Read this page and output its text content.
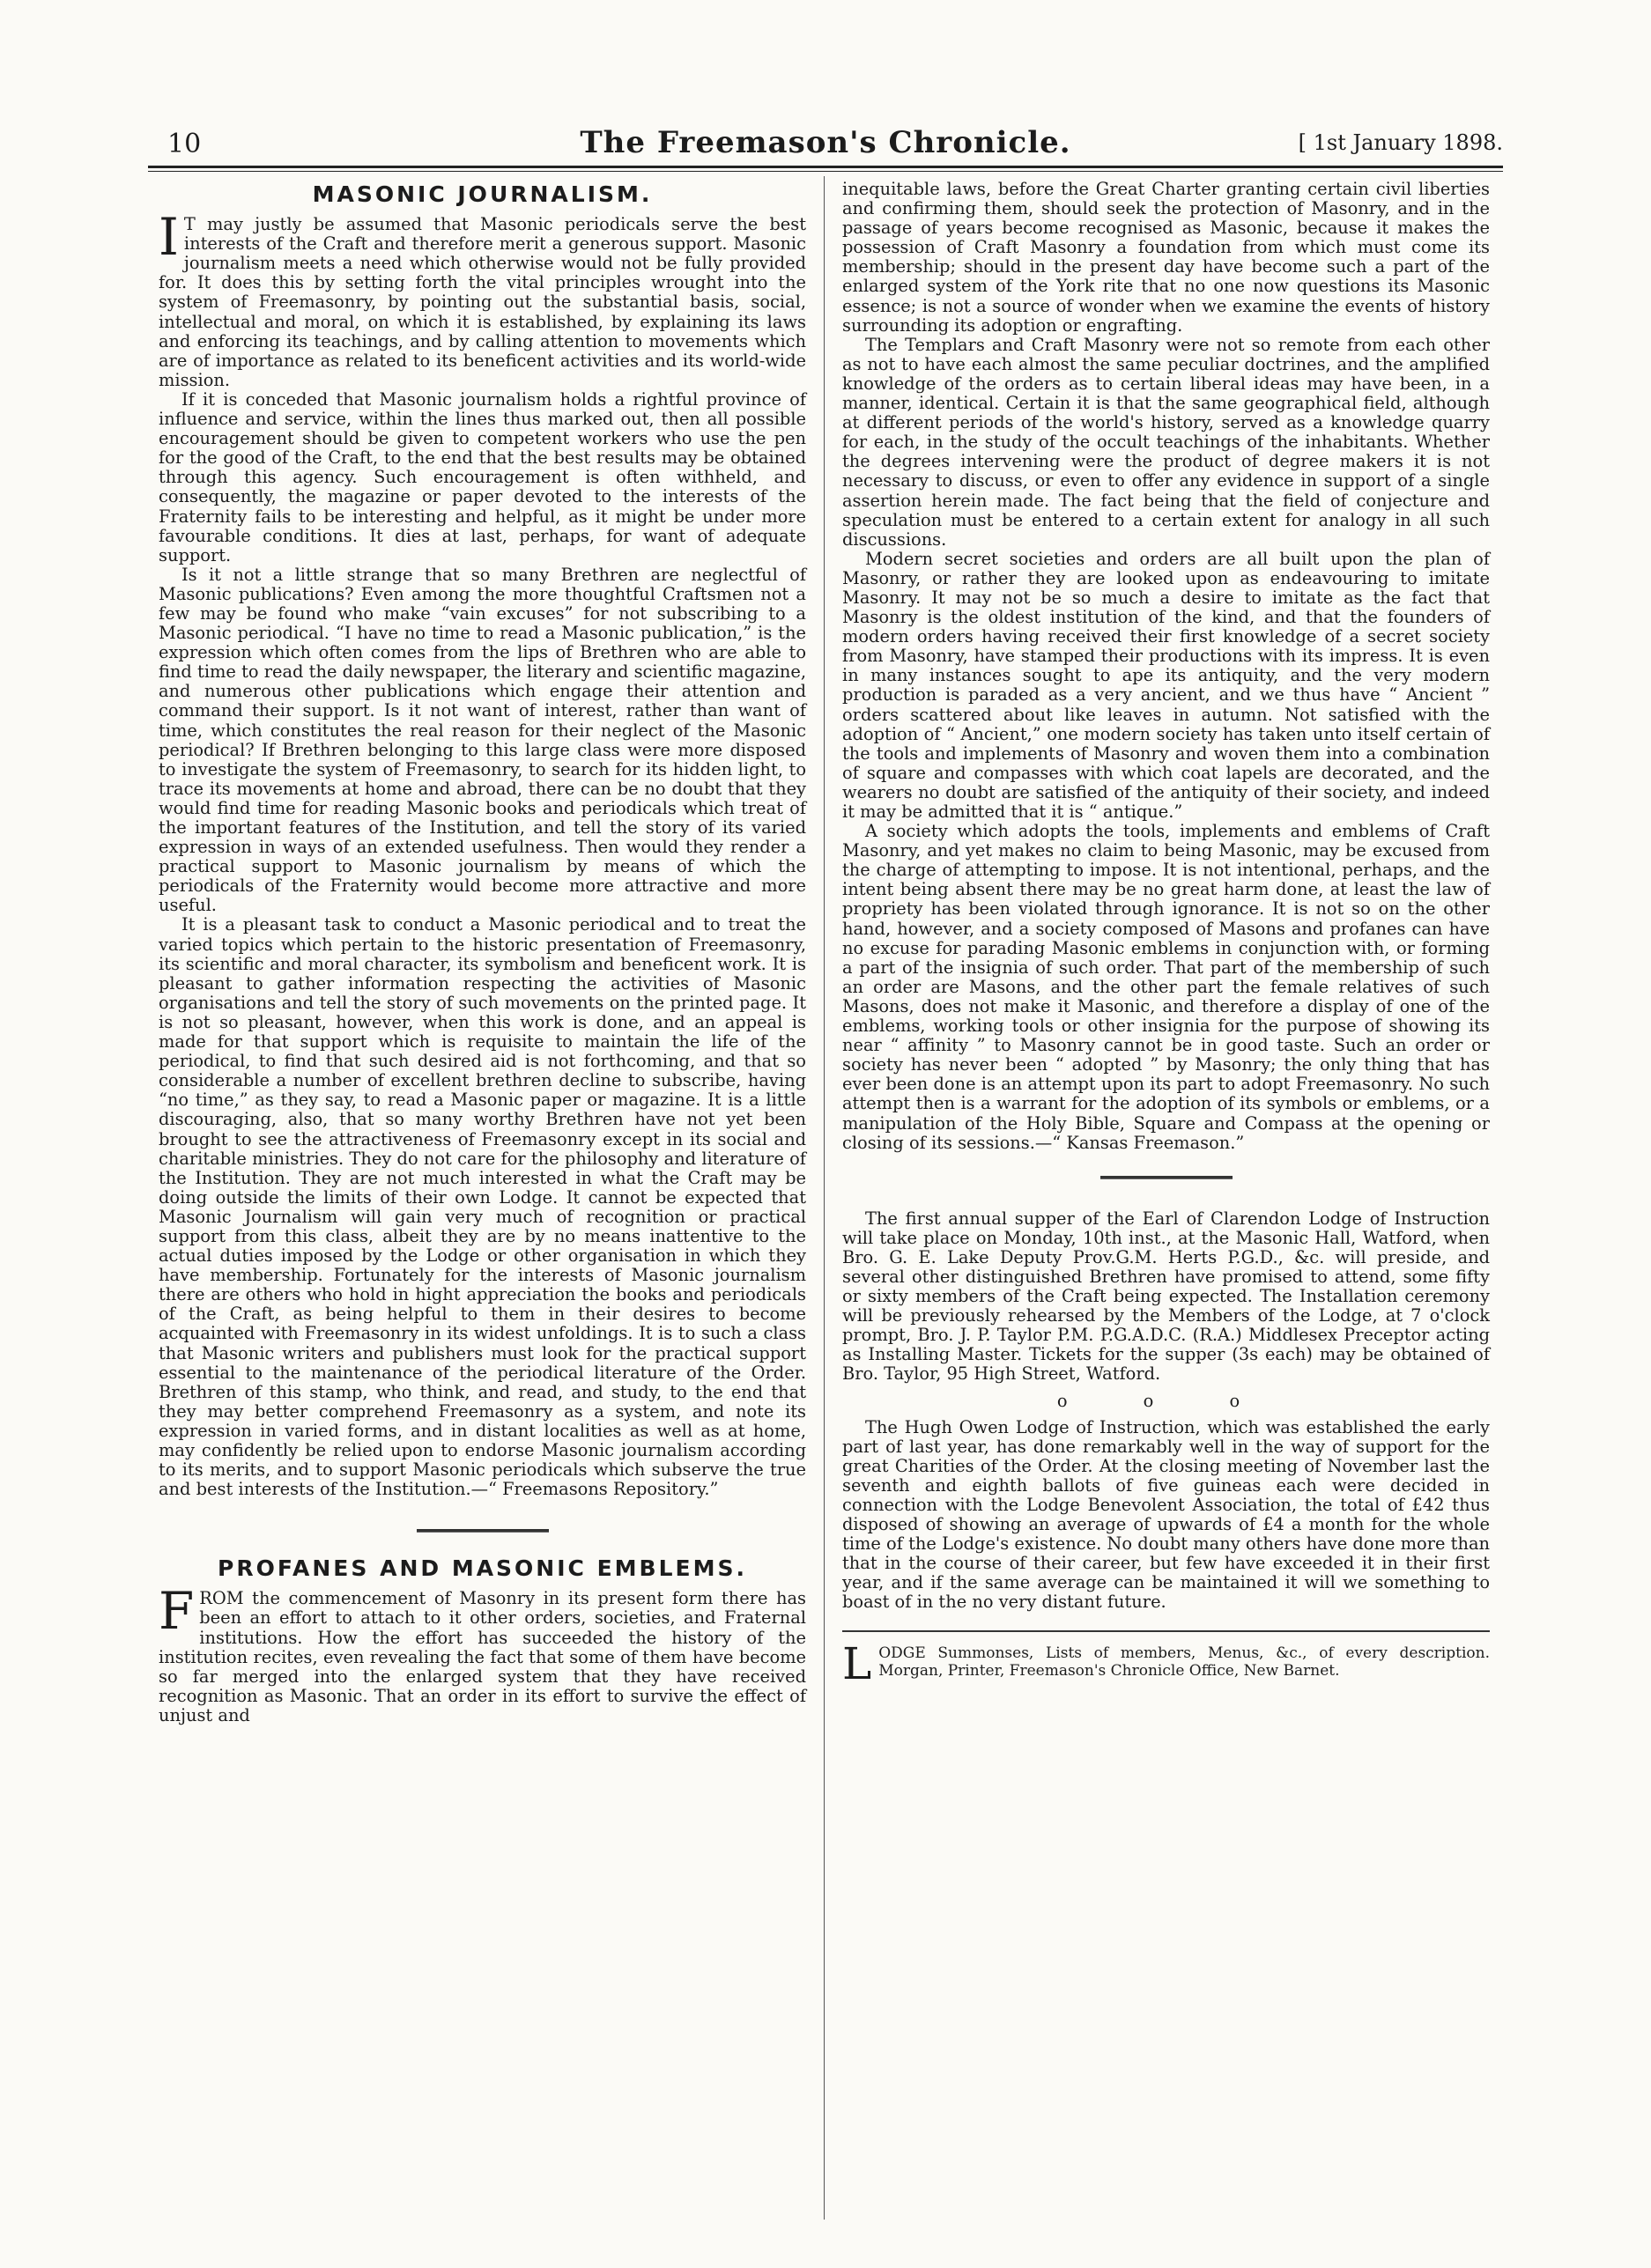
10	The Freemason's Chronicle.	[ 1st January 1898.
MASONIC JOURNALISM.

I T may justly be assumed that Masonic periodicals serve the best interests of the Craft and therefore merit a generous support. Masonic journalism meets a need which otherwise would not be fully provided for. It does this by setting forth the vital principles wrought into the system of Freemasonry, by pointing out the substantial basis, social, intellectual and moral, on which it is established, by explaining its laws and enforcing its teachings, and by calling attention to movements which are of importance as related to its beneficent activities and its world-wide mission.

If it is conceded that Masonic journalism holds a rightful province of influence and service, within the lines thus marked out, then all possible encouragement should be given to competent workers who use the pen for the good of the Craft, to the end that the best results may be obtained through this agency. Such encouragement is often withheld, and consequently, the magazine or paper devoted to the interests of the Fraternity fails to be interesting and helpful, as it might be under more favourable conditions. It dies at last, perhaps, for want of adequate support.

Is it not a little strange that so many Brethren are neglectful of Masonic publications? Even among the more thoughtful Craftsmen not a few may be found who make “vain excuses” for not subscribing to a Masonic periodical. “I have no time to read a Masonic publication,” is the expression which often comes from the lips of Brethren who are able to find time to read the daily newspaper, the literary and scientific magazine, and numerous other publications which engage their attention and command their support. Is it not want of interest, rather than want of time, which constitutes the real reason for their neglect of the Masonic periodical? If Brethren belonging to this large class were more disposed to investigate the system of Freemasonry, to search for its hidden light, to trace its movements at home and abroad, there can be no doubt that they would find time for reading Masonic books and periodicals which treat of the important features of the Institution, and tell the story of its varied expression in ways of an extended usefulness. Then would they render a practical support to Masonic journalism by means of which the periodicals of the Fraternity would become more attractive and more useful.

It is a pleasant task to conduct a Masonic periodical and to treat the varied topics which pertain to the historic presentation of Freemasonry, its scientific and moral character, its symbolism and beneficent work. It is pleasant to gather information respecting the activities of Masonic organisations and tell the story of such movements on the printed page. It is not so pleasant, however, when this work is done, and an appeal is made for that support which is requisite to maintain the life of the periodical, to find that such desired aid is not forthcoming, and that so considerable a number of excellent brethren decline to subscribe, having “no time,” as they say, to read a Masonic paper or magazine. It is a little discouraging, also, that so many worthy Brethren have not yet been brought to see the attractiveness of Freemasonry except in its social and charitable ministries. They do not care for the philosophy and literature of the Institution. They are not much interested in what the Craft may be doing outside the limits of their own Lodge. It cannot be expected that Masonic Journalism will gain very much of recognition or practical support from this class, albeit they are by no means inattentive to the actual duties imposed by the Lodge or other organisation in which they have membership. Fortunately for the interests of Masonic journalism there are others who hold in hight appreciation the books and periodicals of the Craft, as being helpful to them in their desires to become acquainted with Freemasonry in its widest unfoldings. It is to such a class that Masonic writers and publishers must look for the practical support essential to the maintenance of the periodical literature of the Order. Brethren of this stamp, who think, and read, and study, to the end that they may better comprehend Freemasonry as a system, and note its expression in varied forms, and in distant localities as well as at home, may confidently be relied upon to endorse Masonic journalism according to its merits, and to support Masonic periodicals which subserve the true and best interests of the Institution.—“ Freemasons Repository.”

PROFANES AND MASONIC EMBLEMS.

FROM the commencement of Masonry in its present form there has been an effort to attach to it other orders, societies, and Fraternal institutions. How the effort has succeeded the history of the institution recites, even revealing the fact that some of them have become so far merged into the enlarged system that they have received recognition as Masonic. That an order in its effort to survive the effect of unjust and

inequitable laws, before the Great Charter granting certain civil liberties and confirming them, should seek the protection of Masonry, and in the passage of years become recognised as Masonic, because it makes the possession of Craft Masonry a foundation from which must come its membership; should in the present day have become such a part of the enlarged system of the York rite that no one now questions its Masonic essence; is not a source of wonder when we examine the events of history surrounding its adoption or engrafting.

The Templars and Craft Masonry were not so remote from each other as not to have each almost the same peculiar doctrines, and the amplified knowledge of the orders as to certain liberal ideas may have been, in a manner, identical. Certain it is that the same geographical field, although at different periods of the world's history, served as a knowledge quarry for each, in the study of the occult teachings of the inhabitants. Whether the degrees intervening were the product of degree makers it is not necessary to discuss, or even to offer any evidence in support of a single assertion herein made. The fact being that the field of conjecture and speculation must be entered to a certain extent for analogy in all such discussions.

Modern secret societies and orders are all built upon the plan of Masonry, or rather they are looked upon as endeavouring to imitate Masonry. It may not be so much a desire to imitate as the fact that Masonry is the oldest institution of the kind, and that the founders of modern orders having received their first knowledge of a secret society from Masonry, have stamped their productions with its impress. It is even in many instances sought to ape its antiquity, and the very modern production is paraded as a very ancient, and we thus have “ Ancient ” orders scattered about like leaves in autumn. Not satisfied with the adoption of “ Ancient,” one modern society has taken unto itself certain of the tools and implements of Masonry and woven them into a combination of square and compasses with which coat lapels are decorated, and the wearers no doubt are satisfied of the antiquity of their society, and indeed it may be admitted that it is “ antique.”

A society which adopts the tools, implements and emblems of Craft Masonry, and yet makes no claim to being Masonic, may be excused from the charge of attempting to impose. It is not intentional, perhaps, and the intent being absent there may be no great harm done, at least the law of propriety has been violated through ignorance. It is not so on the other hand, however, and a society composed of Masons and profanes can have no excuse for parading Masonic emblems in conjunction with, or forming a part of the insignia of such order. That part of the membership of such an order are Masons, and the other part the female relatives of such Masons, does not make it Masonic, and therefore a display of one of the emblems, working tools or other insignia for the purpose of showing its near “ affinity ” to Masonry cannot be in good taste. Such an order or society has never been “ adopted ” by Masonry; the only thing that has ever been done is an attempt upon its part to adopt Freemasonry. No such attempt then is a warrant for the adoption of its symbols or emblems, or a manipulation of the Holy Bible, Square and Compass at the opening or closing of its sessions.—“ Kansas Freemason.”

The first annual supper of the Earl of Clarendon Lodge of Instruction will take place on Monday, 10th inst., at the Masonic Hall, Watford, when Bro. G. E. Lake Deputy Prov.G.M. Herts P.G.D., &c. will preside, and several other distinguished Brethren have promised to attend, some fifty or sixty members of the Craft being expected. The Installation ceremony will be previously rehearsed by the Members of the Lodge, at 7 o'clock prompt, Bro. J. P. Taylor P.M. P.G.A.D.C. (R.A.) Middlesex Preceptor acting as Installing Master. Tickets for the supper (3s each) may be obtained of Bro. Taylor, 95 High Street, Watford.

o o o

The Hugh Owen Lodge of Instruction, which was established the early part of last year, has done remarkably well in the way of support for the great Charities of the Order. At the closing meeting of November last the seventh and eighth ballots of five guineas each were decided in connection with the Lodge Benevolent Association, the total of £42 thus disposed of showing an average of upwards of £4 a month for the whole time of the Lodge's existence. No doubt many others have done more than that in the course of their career, but few have exceeded it in their first year, and if the same average can be maintained it will we something to boast of in the no very distant future.

LODGE Summonses, Lists of members, Menus, &c., of every description. Morgan, Printer, Freemason's Chronicle Office, New Barnet.
